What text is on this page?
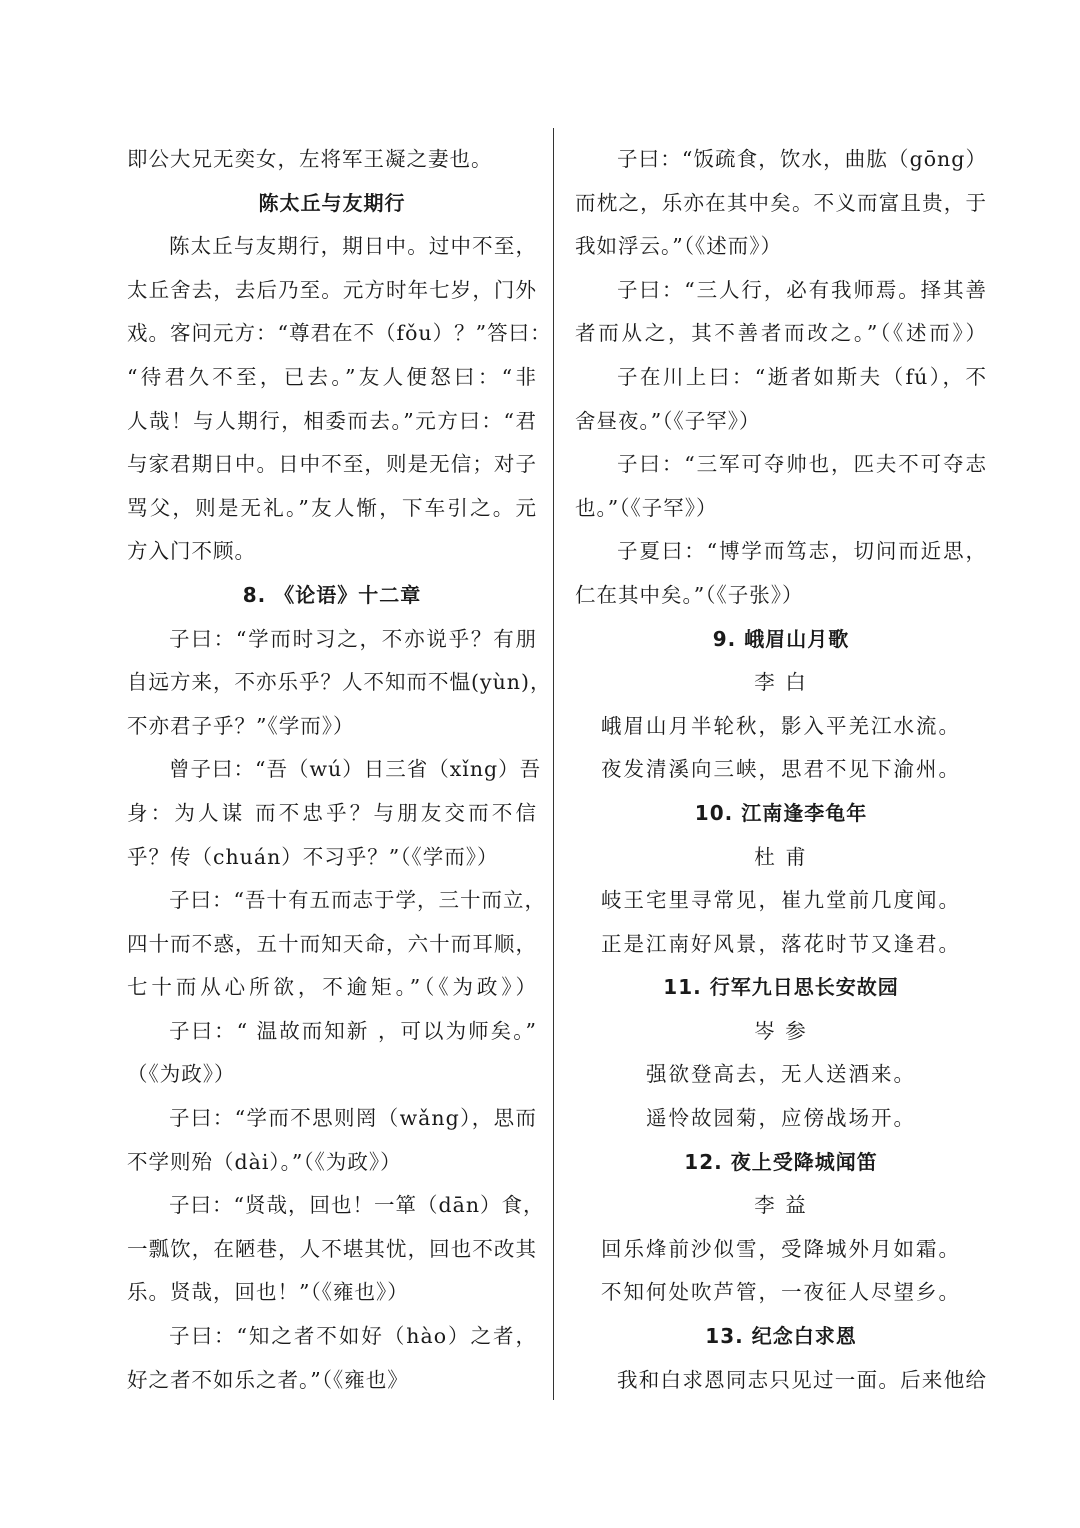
即公大兄无奕女，左将军王凝之妻也。
陈太丘与友期行
陈太丘与友期行，期日中。过中不至，
太丘舍去，去后乃至。元方时年七岁，门外
戏。客问元方：“尊君在不（fǒu）？”答曰：
“待君久不至，已去。”友人便怒曰：“非
人哉！与人期行，相委而去。”元方曰：“君
与家君期日中。日中不至，则是无信；对子
骂父，则是无礼。”友人惭，下车引之。元
方入门不顾。
8. 《论语》十二章
子曰：“学而时习之，不亦说乎？有朋
自远方来，不亦乐乎？人不知而不愠(yùn)，
不亦君子乎？”《学而》）
曾子曰：“吾（wú）日三省（xǐng）吾
身：为人谋 而不忠乎？与朋友交而不信
乎？传（chuán）不习乎？”（《学而》）
子曰：“吾十有五而志于学，三十而立，
四十而不惑，五十而知天命，六十而耳顺，
七十而从心所欲，不逾矩。”（《为政》）
子曰：“ 温故而知新 ，可以为师矣。”
（《为政》）
子曰：“学而不思则罔（wǎng），思而
不学则殆（dài）。”（《为政》）
子曰：“贤哉，回也！一箪（dān）食，
一瓢饮，在陋巷，人不堪其忧，回也不改其
乐。贤哉，回也！”（《雍也》）
子曰：“知之者不如好（hào）之者，
好之者不如乐之者。”（《雍也》
子曰：“饭疏食，饮水，曲肱（gōng）
而枕之，乐亦在其中矣。不义而富且贵，于
我如浮云。”（《述而》）
子曰：“三人行，必有我师焉。择其善
者而从之，其不善者而改之。”（《述而》）
子在川上曰：“逝者如斯夫（fú），不
舍昼夜。”（《子罕》）
子曰：“三军可夺帅也，匹夫不可夺志
也。”（《子罕》）
子夏曰：“博学而笃志，切问而近思，
仁在其中矣。”（《子张》）
9. 峨眉山月歌
李 白
峨眉山月半轮秋，影入平羌江水流。
夜发清溪向三峡，思君不见下渝州。
10. 江南逢李龟年
杜 甫
岐王宅里寻常见，崔九堂前几度闻。
正是江南好风景，落花时节又逢君。
11. 行军九日思长安故园
岑 参
强欲登高去，无人送酒来。
遥怜故园菊，应傍战场开。
12. 夜上受降城闻笛
李 益
回乐烽前沙似雪，受降城外月如霜。
不知何处吹芦管，一夜征人尽望乡。
13. 纪念白求恩
我和白求恩同志只见过一面。后来他给
